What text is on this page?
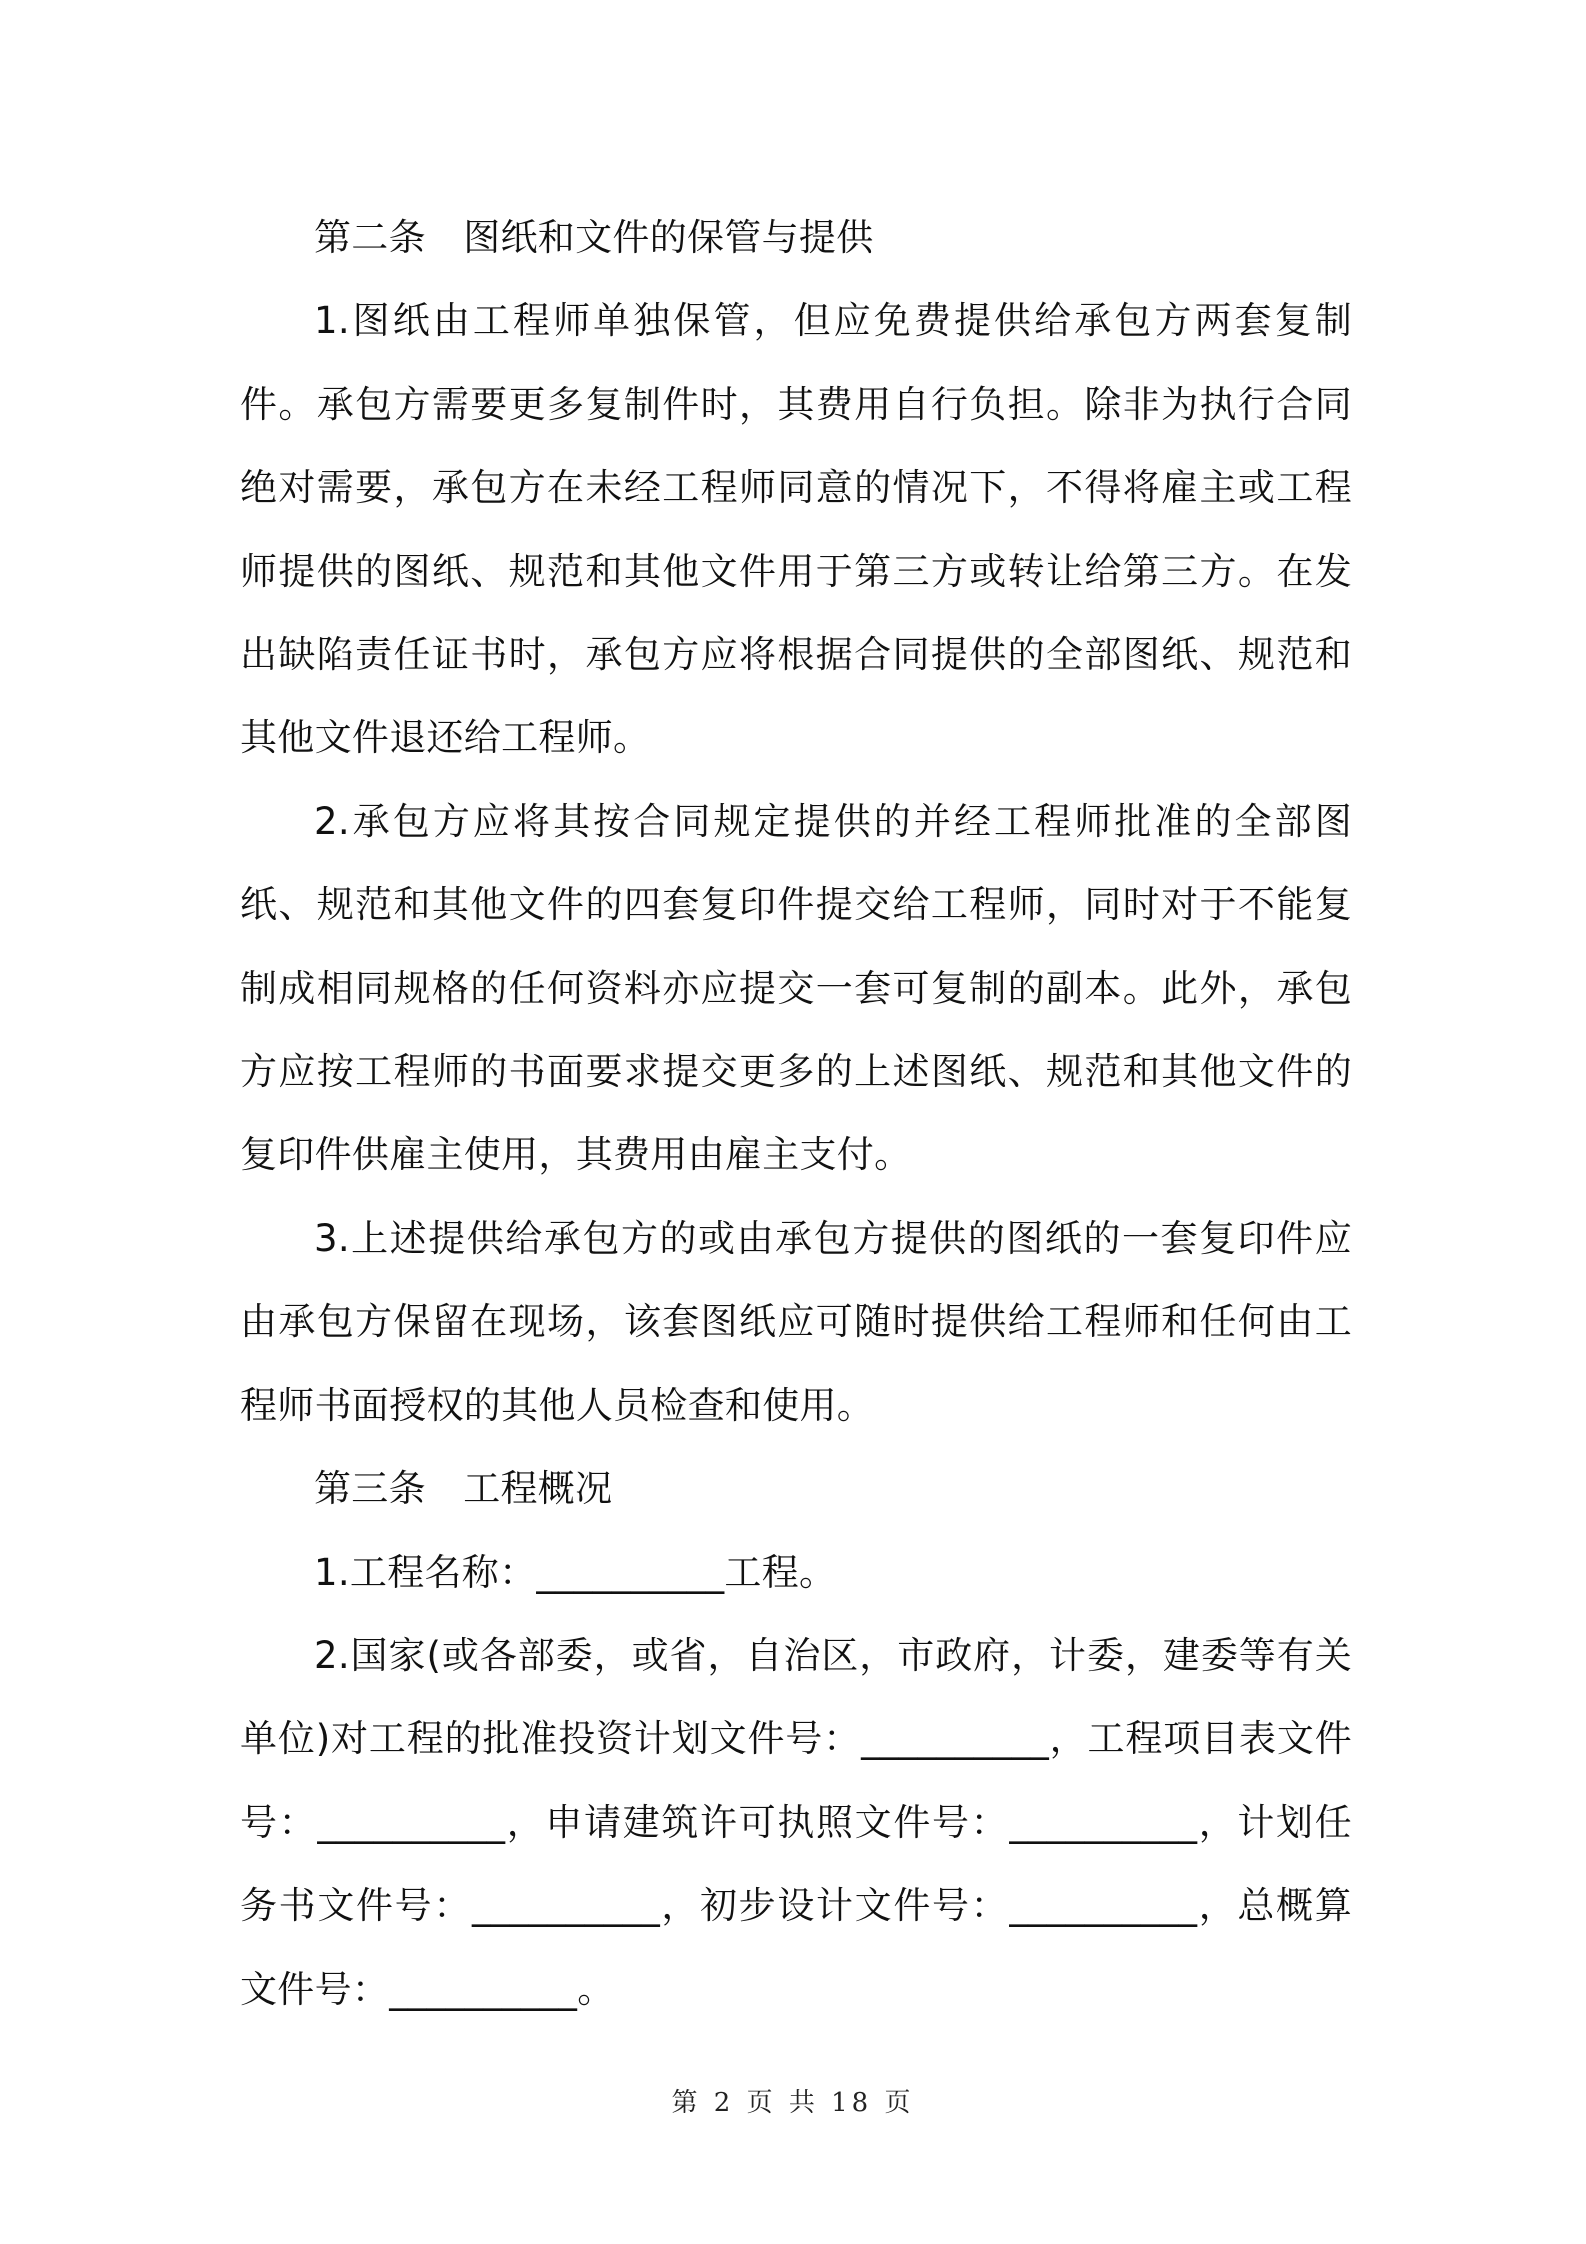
第二条　图纸和文件的保管与提供

1.图纸由工程师单独保管，但应免费提供给承包方两套复制件。承包方需要更多复制件时，其费用自行负担。除非为执行合同绝对需要，承包方在未经工程师同意的情况下，不得将雇主或工程师提供的图纸、规范和其他文件用于第三方或转让给第三方。在发出缺陷责任证书时，承包方应将根据合同提供的全部图纸、规范和其他文件退还给工程师。

2.承包方应将其按合同规定提供的并经工程师批准的全部图纸、规范和其他文件的四套复印件提交给工程师，同时对于不能复制成相同规格的任何资料亦应提交一套可复制的副本。此外，承包方应按工程师的书面要求提交更多的上述图纸、规范和其他文件的复印件供雇主使用，其费用由雇主支付。

3.上述提供给承包方的或由承包方提供的图纸的一套复印件应由承包方保留在现场，该套图纸应可随时提供给工程师和任何由工程师书面授权的其他人员检查和使用。

第三条　工程概况

1.工程名称：__________工程。

2.国家(或各部委，或省，自治区，市政府，计委，建委等有关单位)对工程的批准投资计划文件号：__________，工程项目表文件号：__________，申请建筑许可执照文件号：__________，计划任务书文件号：__________，初步设计文件号：__________，总概算文件号：__________。

第 2 页 共 18 页
